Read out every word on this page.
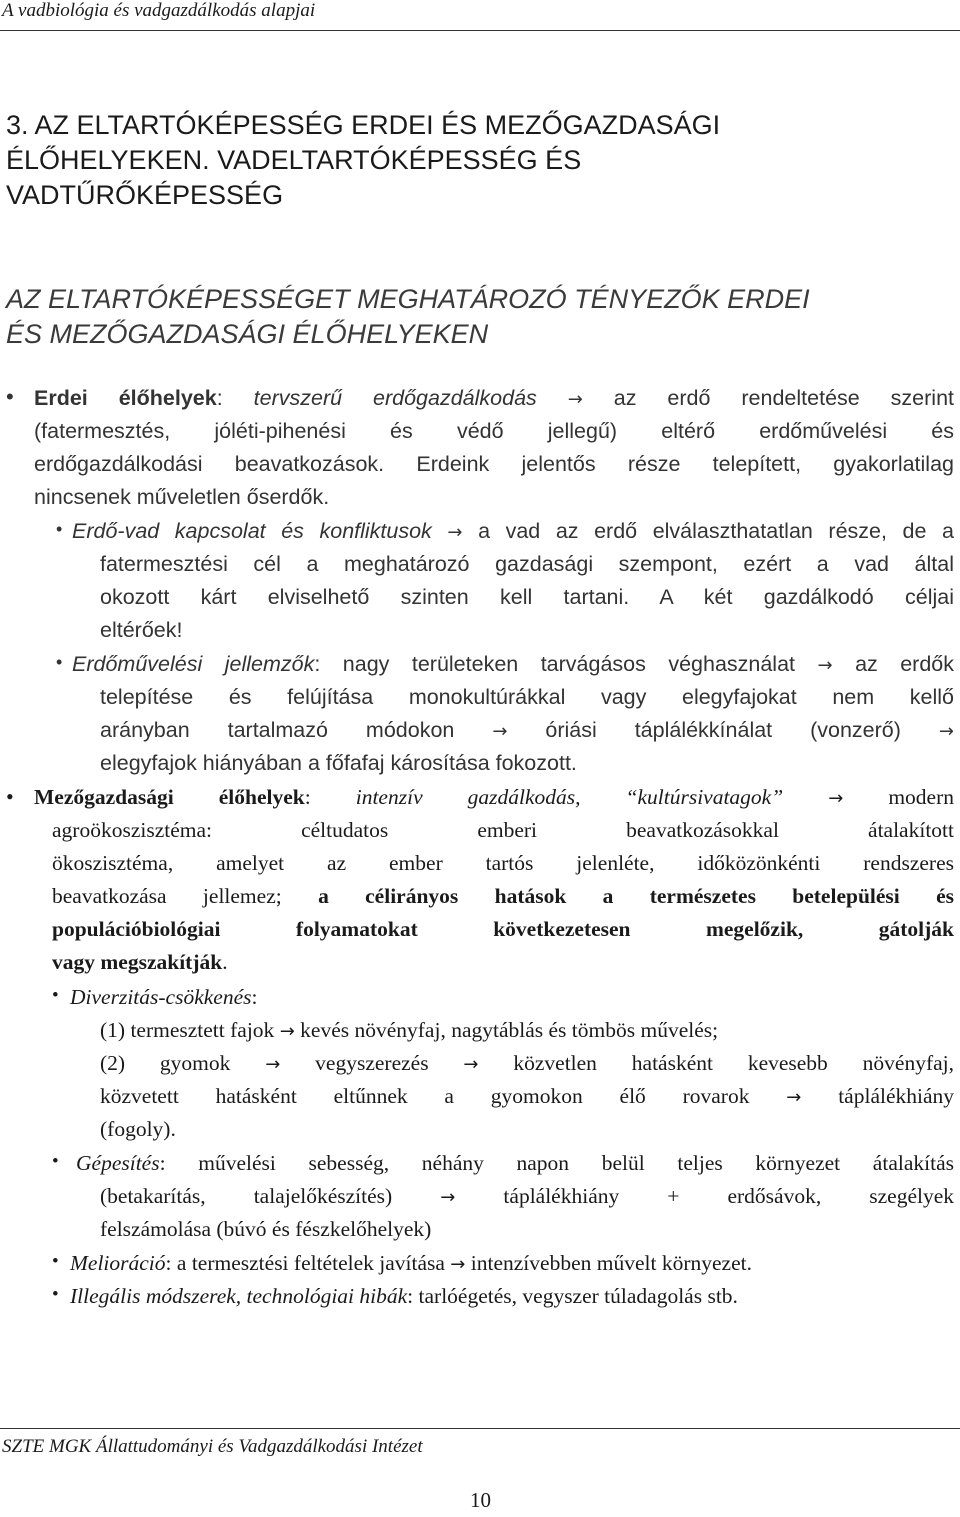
A vadbiológia és vadgazdálkodás alapjai
3. AZ ELTARTÓKÉPESSÉG ERDEI ÉS MEZŐGAZDASÁGI
ÉLŐHELYEKEN. VADELTARTÓKÉPESSÉG ÉS
VADTŰRŐKÉPESSÉG
AZ ELTARTÓKÉPESSÉGET MEGHATÁROZÓ TÉNYEZŐK ERDEI
ÉS MEZŐGAZDASÁGI ÉLŐHELYEKEN
• Erdei élőhelyek: tervszerű erdőgazdálkodás → az erdő rendeltetése szerint
(fatermesztés, jóléti-pihenési és védő jellegű) eltérő erdőművelési és
erdőgazdálkodási beavatkozások. Erdeink jelentős része telepített, gyakorlatilag
nincsenek műveletlen őserdők.
• Erdő-vad kapcsolat és konfliktusok → a vad az erdő elválaszthatatlan része, de a
fatermesztési cél a meghatározó gazdasági szempont, ezért a vad által
okozott kárt elviselhető szinten kell tartani. A két gazdálkodó céljai
eltérőek!
• Erdőművelési jellemzők: nagy területeken tarvágásos véghasználat → az erdők
telepítése és felújítása monokultúrákkal vagy elegyfajokat nem kellő
arányban tartalmazó módokon → óriási táplálékkínálat (vonzerő) →
elegyfajok hiányában a főfafaj károsítása fokozott.
• Mezőgazdasági élőhelyek: intenzív gazdálkodás, “kultúrsivatagok”	→ modern
agroökoszisztéma: céltudatos emberi beavatkozásokkal átalakított
ökoszisztéma, amelyet az ember tartós jelenléte, időközönkénti rendszeres
beavatkozása jellemez; a célirányos hatások a természetes betelepülési és
populációbiológiai folyamatokat következetesen megelőzik, gátolják
vagy megszakítják.
• Diverzitás-csökkenés:
(1) termesztett fajok → kevés növényfaj, nagytáblás és tömbös művelés;
(2) gyomok → vegyszerezés → közvetlen hatásként kevesebb növényfaj,
közvetett hatásként eltűnnek a gyomokon élő rovarok → táplálékhiány
(fogoly).
• Gépesítés: művelési sebesség, néhány napon belül teljes környezet átalakítás
(betakarítás, talajelőkészítés)	→ táplálékhiány + erdősávok, szegélyek
felszámolása (búvó és fészkelőhelyek)
• Melioráció: a termesztési feltételek javítása → intenzívebben művelt környezet.
• Illegális módszerek, technológiai hibák: tarlóégetés, vegyszer túladagolás stb.
SZTE MGK Állattudományi és Vadgazdálkodási Intézet
10
